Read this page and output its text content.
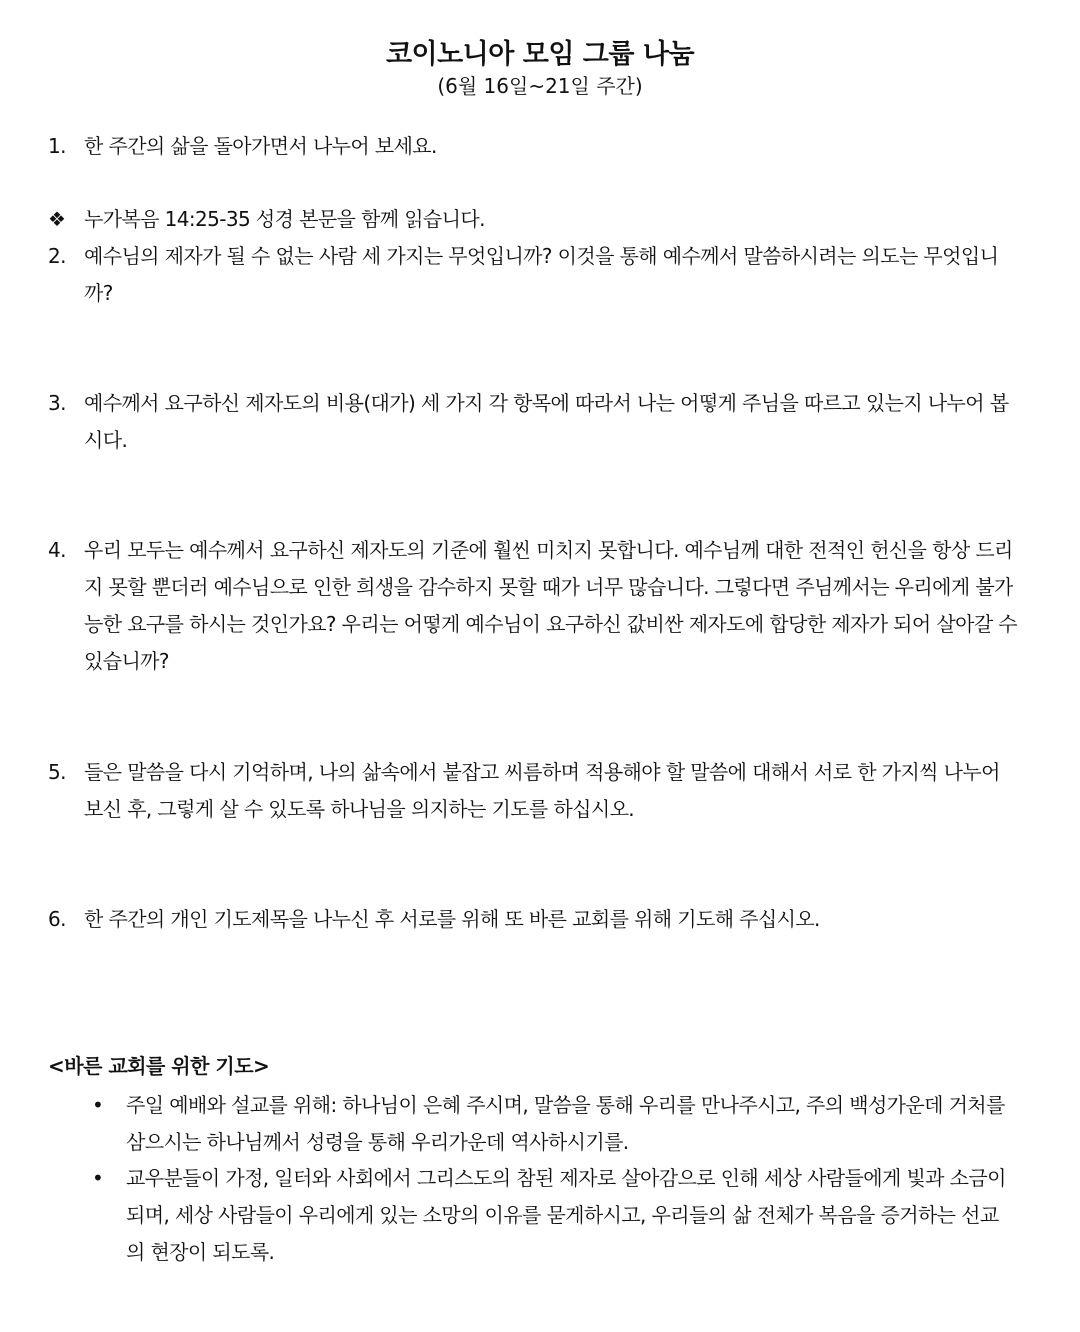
코이노니아 모임 그룹 나눔
(6월 16일~21일 주간)
1. 한 주간의 삶을 돌아가면서 나누어 보세요.
❖ 누가복음 14:25-35 성경 본문을 함께 읽습니다.
2. 예수님의 제자가 될 수 없는 사람 세 가지는 무엇입니까? 이것을 통해 예수께서 말씀하시려는 의도는 무엇입니까?
3. 예수께서 요구하신 제자도의 비용(대가) 세 가지 각 항목에 따라서 나는 어떻게 주님을 따르고 있는지 나누어 봅시다.
4. 우리 모두는 예수께서 요구하신 제자도의 기준에 훨씬 미치지 못합니다. 예수님께 대한 전적인 헌신을 항상 드리지 못할 뿐더러 예수님으로 인한 희생을 감수하지 못할 때가 너무 많습니다. 그렇다면 주님께서는 우리에게 불가능한 요구를 하시는 것인가요? 우리는 어떻게 예수님이 요구하신 값비싼 제자도에 합당한 제자가 되어 살아갈 수 있습니까?
5. 들은 말씀을 다시 기억하며, 나의 삶속에서 붙잡고 씨름하며 적용해야 할 말씀에 대해서 서로 한 가지씩 나누어 보신 후, 그렇게 살 수 있도록 하나님을 의지하는 기도를 하십시오.
6. 한 주간의 개인 기도제목을 나누신 후 서로를 위해 또 바른 교회를 위해 기도해 주십시오.
<바른 교회를 위한 기도>
• 주일 예배와 설교를 위해: 하나님이 은혜 주시며, 말씀을 통해 우리를 만나주시고, 주의 백성가운데 거처를 삼으시는 하나님께서 성령을 통해 우리가운데 역사하시기를.
• 교우분들이 가정, 일터와 사회에서 그리스도의 참된 제자로 살아감으로 인해 세상 사람들에게 빛과 소금이 되며, 세상 사람들이 우리에게 있는 소망의 이유를 묻게하시고, 우리들의 삶 전체가 복음을 증거하는 선교의 현장이 되도록.
